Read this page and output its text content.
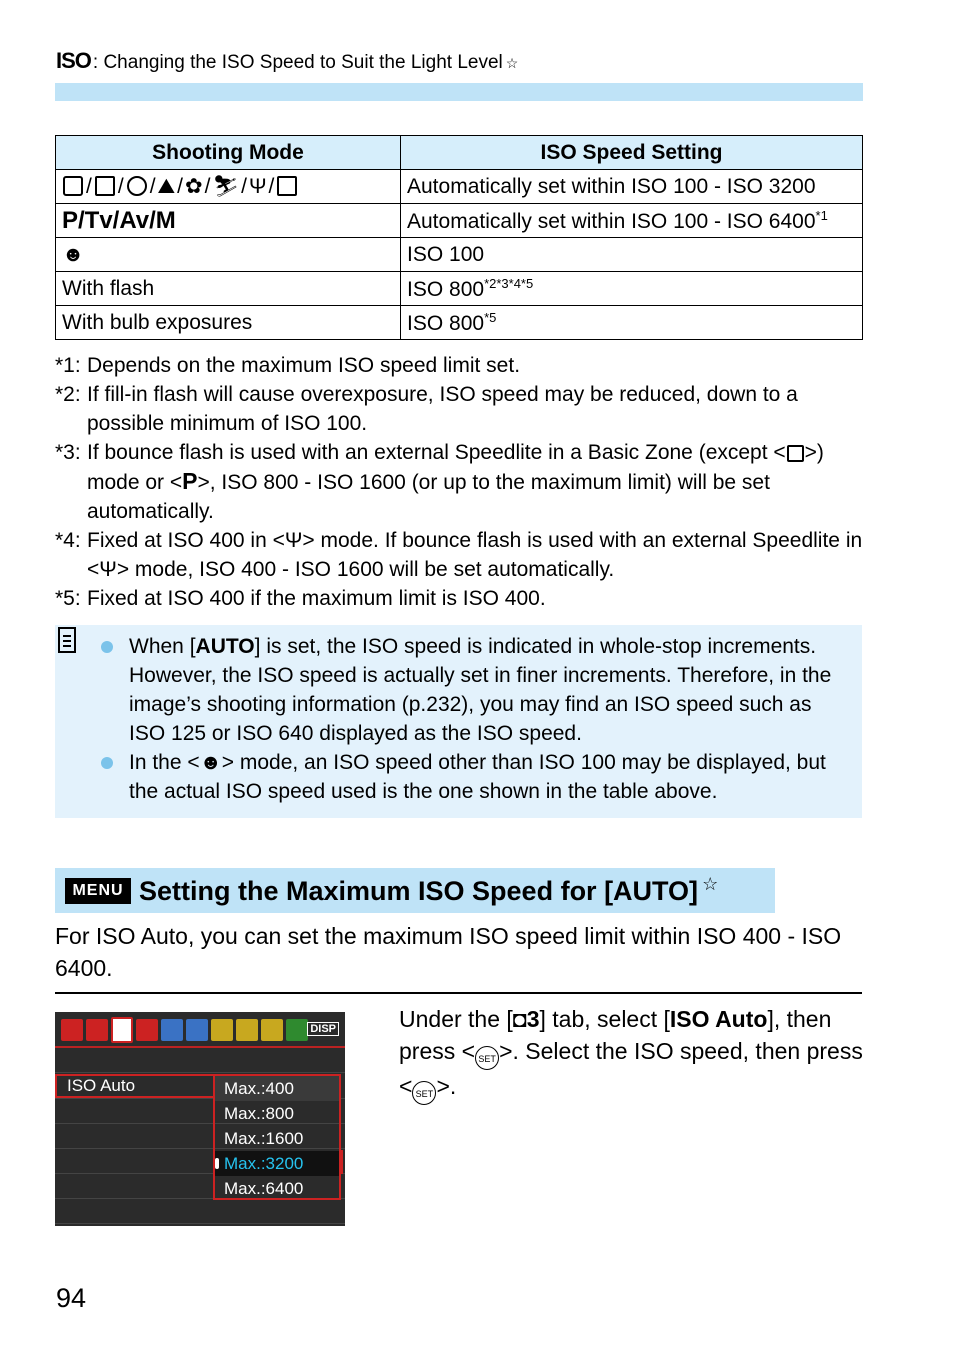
ISO : Changing the ISO Speed to Suit the Light Level ☆
Shooting Mode	ISO Speed Setting
/ / /⛰/✿/⛷/Ψ/	Automatically set within ISO 100 - ISO 3200
P/Tv/Av/M	Automatically set within ISO 100 - ISO 6400$^{*1}$
☻	ISO 100
With flash	ISO $800^{*2*3*4*5}$
With bulb exposures	ISO 800$^{*5}$
*1: Depends on the maximum ISO speed limit set.
*2: If fill-in flash will cause overexposure, ISO speed may be reduced, down to a possible minimum of ISO 100.
*3: If bounce flash is used with an external Speedlite in a Basic Zone (except < >) mode or <P>, ISO 800 - ISO 1600 (or up to the maximum limit) will be set automatically.
*4: Fixed at ISO 400 in <Ψ> mode. If bounce flash is used with an external Speedlite in <Ψ> mode, ISO 400 - ISO 1600 will be set automatically.
*5: Fixed at ISO 400 if the maximum limit is ISO 400.
When [AUTO] is set, the ISO speed is indicated in whole-stop increments. However, the ISO speed is actually set in finer increments. Therefore, in the image’s shooting information (p.232), you may find an ISO speed such as ISO 125 or ISO 640 displayed as the ISO speed.
In the <☻> mode, an ISO speed other than ISO 100 may be displayed, but the actual ISO speed used is the one shown in the table above.
MENU Setting the Maximum ISO Speed for [AUTO] ☆
For ISO Auto, you can set the maximum ISO speed limit within ISO 400 - ISO 6400.
DISP
ISO Auto	Max.:400
Max.:800
Max.:1600
Max.:3200
Max.:6400
Under the [◘3] tab, select [ISO Auto], then press < SET >. Select the ISO speed, then press < SET >.
94
